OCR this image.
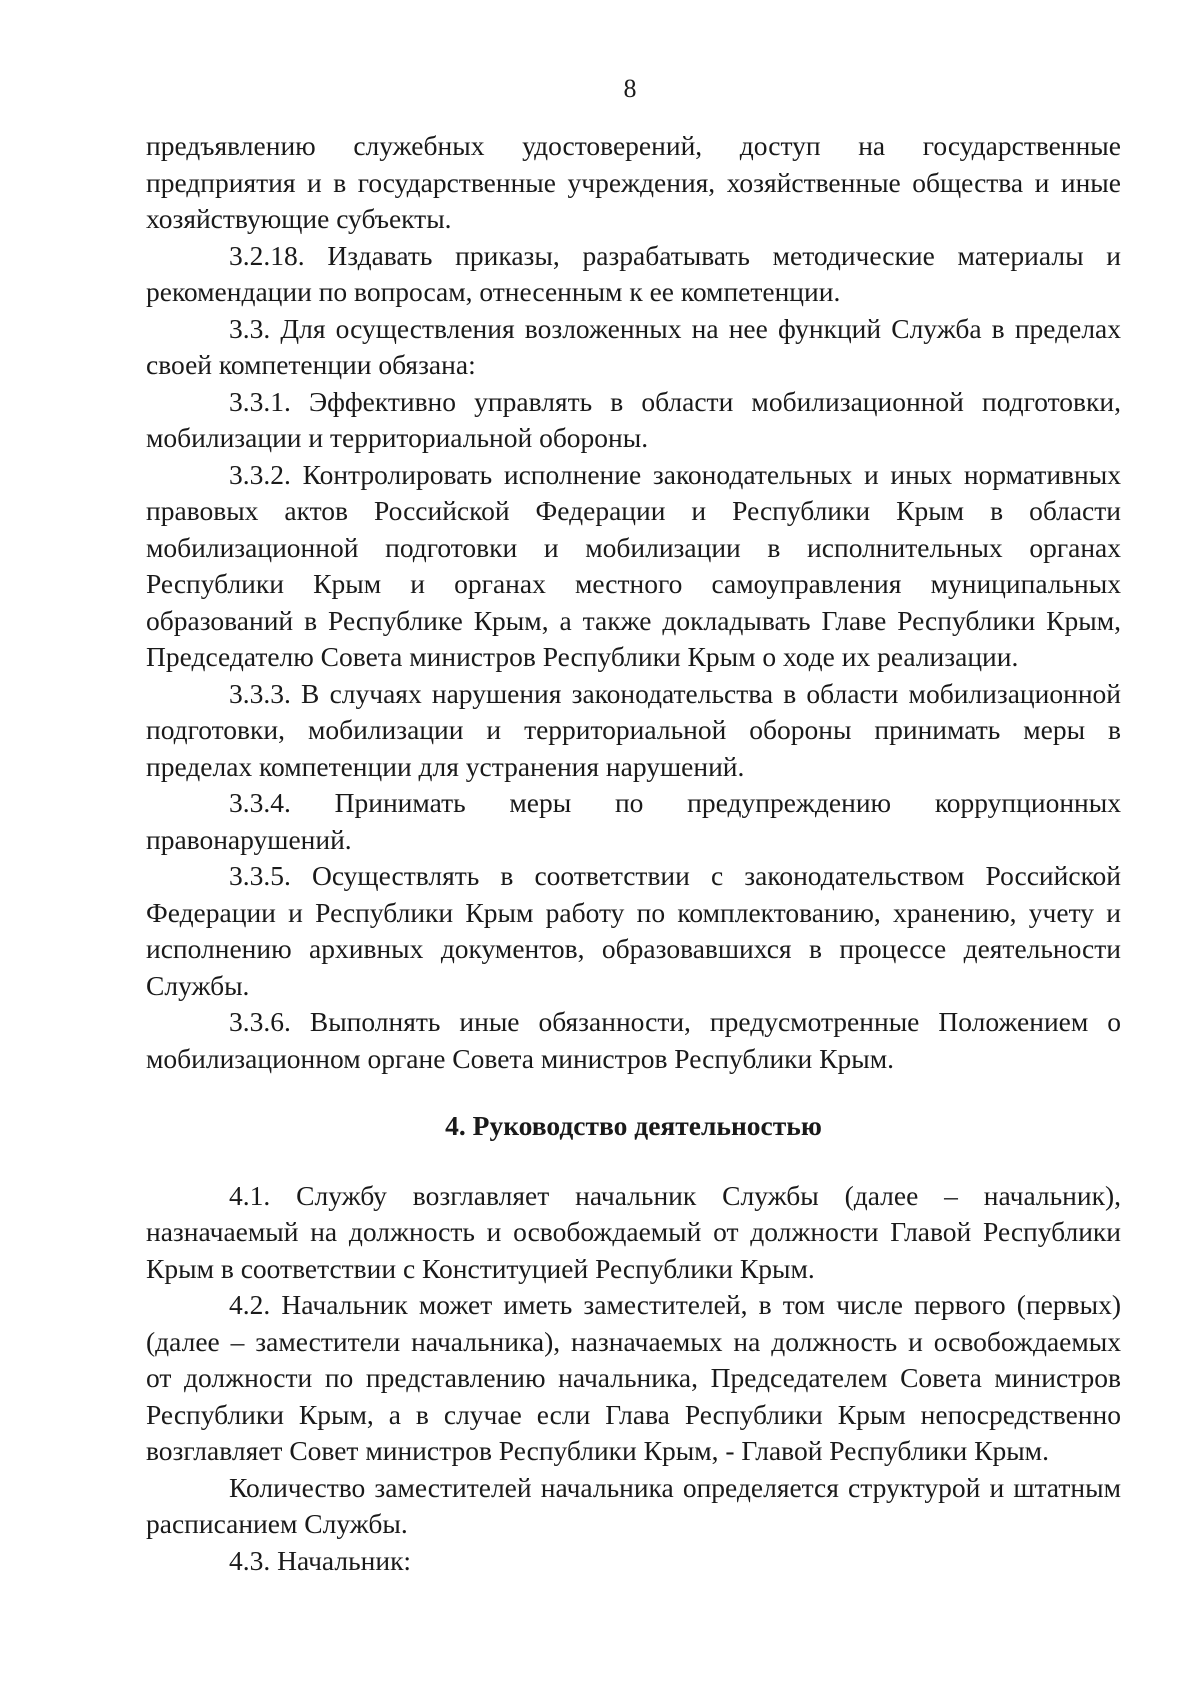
8

предъявлению служебных удостоверений, доступ на государственные предприятия и в государственные учреждения, хозяйственные общества и иные хозяйствующие субъекты.

3.2.18. Издавать приказы, разрабатывать методические материалы и рекомендации по вопросам, отнесенным к ее компетенции.

3.3. Для осуществления возложенных на нее функций Служба в пределах своей компетенции обязана:

3.3.1. Эффективно управлять в области мобилизационной подготовки, мобилизации и территориальной обороны.

3.3.2. Контролировать исполнение законодательных и иных нормативных правовых актов Российской Федерации и Республики Крым в области мобилизационной подготовки и мобилизации в исполнительных органах Республики Крым и органах местного самоуправления муниципальных образований в Республике Крым, а также докладывать Главе Республики Крым, Председателю Совета министров Республики Крым о ходе их реализации.

3.3.3. В случаях нарушения законодательства в области мобилизационной подготовки, мобилизации и территориальной обороны принимать меры в пределах компетенции для устранения нарушений.

3.3.4. Принимать меры по предупреждению коррупционных правонарушений.

3.3.5. Осуществлять в соответствии с законодательством Российской Федерации и Республики Крым работу по комплектованию, хранению, учету и исполнению архивных документов, образовавшихся в процессе деятельности Службы.

3.3.6. Выполнять иные обязанности, предусмотренные Положением о мобилизационном органе Совета министров Республики Крым.

4. Руководство деятельностью

4.1. Службу возглавляет начальник Службы (далее – начальник), назначаемый на должность и освобождаемый от должности Главой Республики Крым в соответствии с Конституцией Республики Крым.

4.2. Начальник может иметь заместителей, в том числе первого (первых) (далее – заместители начальника), назначаемых на должность и освобождаемых от должности по представлению начальника, Председателем Совета министров Республики Крым, а в случае если Глава Республики Крым непосредственно возглавляет Совет министров Республики Крым, - Главой Республики Крым.

Количество заместителей начальника определяется структурой и штатным расписанием Службы.

4.3. Начальник:
